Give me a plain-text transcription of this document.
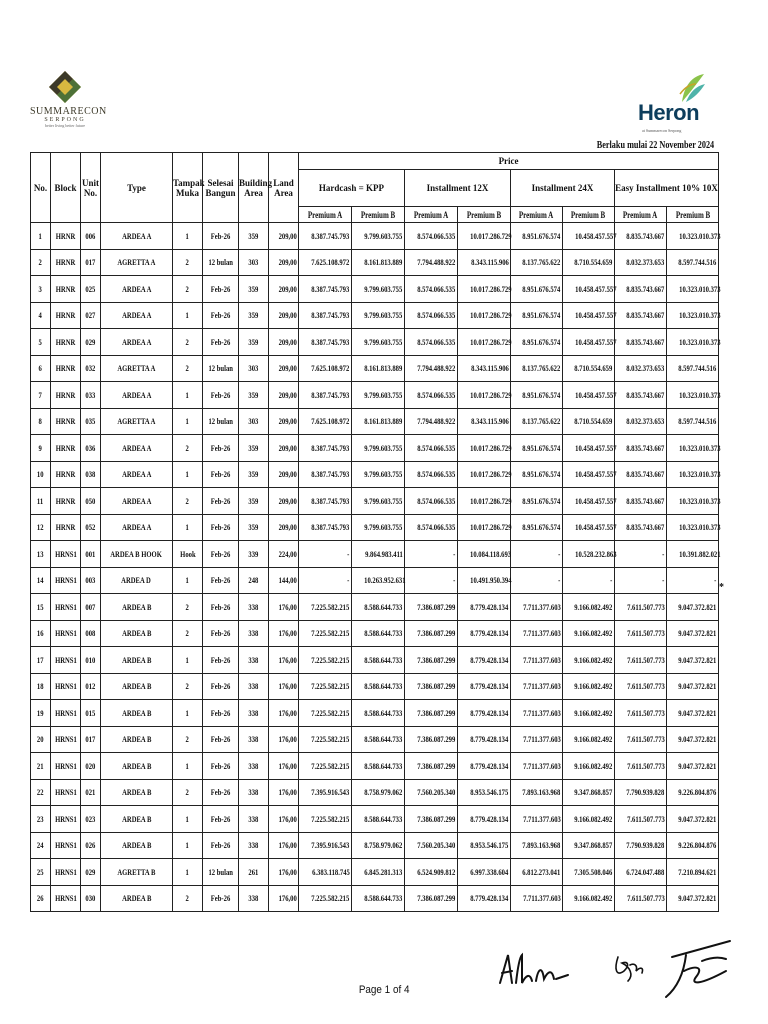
SUMMARECON
SERPONG
better living better future
Heron
at Summarecon Serpong
Berlaku mulai 22 November 2024
No.	Block	Unit No.	Type	Tampak Muka	Selesai Bangun	Building Area	Land Area	Price							
								Hardcash = KPP		Installment 12X		Installment 24X		Easy Installment 10% 10X	
								Premium A	Premium B	Premium A	Premium B	Premium A	Premium B	Premium A	Premium B
1	HRNR	006	ARDEA A	1	Feb-26	359	209,00	8.387.745.793	9.799.603.755	8.574.066.535	10.017.286.729	8.951.676.574	10.458.457.557	8.835.743.667	10.323.010.373
2	HRNR	017	AGRETTA A	2	12 bulan	303	209,00	7.625.108.972	8.161.813.889	7.794.488.922	8.343.115.906	8.137.765.622	8.710.554.659	8.032.373.653	8.597.744.516
3	HRNR	025	ARDEA A	2	Feb-26	359	209,00	8.387.745.793	9.799.603.755	8.574.066.535	10.017.286.729	8.951.676.574	10.458.457.557	8.835.743.667	10.323.010.373
4	HRNR	027	ARDEA A	1	Feb-26	359	209,00	8.387.745.793	9.799.603.755	8.574.066.535	10.017.286.729	8.951.676.574	10.458.457.557	8.835.743.667	10.323.010.373
5	HRNR	029	ARDEA A	2	Feb-26	359	209,00	8.387.745.793	9.799.603.755	8.574.066.535	10.017.286.729	8.951.676.574	10.458.457.557	8.835.743.667	10.323.010.373
6	HRNR	032	AGRETTA A	2	12 bulan	303	209,00	7.625.108.972	8.161.813.889	7.794.488.922	8.343.115.906	8.137.765.622	8.710.554.659	8.032.373.653	8.597.744.516
7	HRNR	033	ARDEA A	1	Feb-26	359	209,00	8.387.745.793	9.799.603.755	8.574.066.535	10.017.286.729	8.951.676.574	10.458.457.557	8.835.743.667	10.323.010.373
8	HRNR	035	AGRETTA A	1	12 bulan	303	209,00	7.625.108.972	8.161.813.889	7.794.488.922	8.343.115.906	8.137.765.622	8.710.554.659	8.032.373.653	8.597.744.516
9	HRNR	036	ARDEA A	2	Feb-26	359	209,00	8.387.745.793	9.799.603.755	8.574.066.535	10.017.286.729	8.951.676.574	10.458.457.557	8.835.743.667	10.323.010.373
10	HRNR	038	ARDEA A	1	Feb-26	359	209,00	8.387.745.793	9.799.603.755	8.574.066.535	10.017.286.729	8.951.676.574	10.458.457.557	8.835.743.667	10.323.010.373
11	HRNR	050	ARDEA A	2	Feb-26	359	209,00	8.387.745.793	9.799.603.755	8.574.066.535	10.017.286.729	8.951.676.574	10.458.457.557	8.835.743.667	10.323.010.373
12	HRNR	052	ARDEA A	1	Feb-26	359	209,00	8.387.745.793	9.799.603.755	8.574.066.535	10.017.286.729	8.951.676.574	10.458.457.557	8.835.743.667	10.323.010.373
13	HRNS1	001	ARDEA B HOOK	Hook	Feb-26	339	224,00	-	9.864.983.411	-	10.084.118.693	-	10.528.232.863	-	10.391.882.021
14	HRNS1	003	ARDEA D	1	Feb-26	248	144,00	-	10.263.952.631	-	10.491.950.394	-	-	-	-
15	HRNS1	007	ARDEA B	2	Feb-26	338	176,00	7.225.582.215	8.588.644.733	7.386.087.299	8.779.428.134	7.711.377.603	9.166.082.492	7.611.507.773	9.047.372.821
16	HRNS1	008	ARDEA B	2	Feb-26	338	176,00	7.225.582.215	8.588.644.733	7.386.087.299	8.779.428.134	7.711.377.603	9.166.082.492	7.611.507.773	9.047.372.821
17	HRNS1	010	ARDEA B	1	Feb-26	338	176,00	7.225.582.215	8.588.644.733	7.386.087.299	8.779.428.134	7.711.377.603	9.166.082.492	7.611.507.773	9.047.372.821
18	HRNS1	012	ARDEA B	2	Feb-26	338	176,00	7.225.582.215	8.588.644.733	7.386.087.299	8.779.428.134	7.711.377.603	9.166.082.492	7.611.507.773	9.047.372.821
19	HRNS1	015	ARDEA B	1	Feb-26	338	176,00	7.225.582.215	8.588.644.733	7.386.087.299	8.779.428.134	7.711.377.603	9.166.082.492	7.611.507.773	9.047.372.821
20	HRNS1	017	ARDEA B	2	Feb-26	338	176,00	7.225.582.215	8.588.644.733	7.386.087.299	8.779.428.134	7.711.377.603	9.166.082.492	7.611.507.773	9.047.372.821
21	HRNS1	020	ARDEA B	1	Feb-26	338	176,00	7.225.582.215	8.588.644.733	7.386.087.299	8.779.428.134	7.711.377.603	9.166.082.492	7.611.507.773	9.047.372.821
22	HRNS1	021	ARDEA B	2	Feb-26	338	176,00	7.395.916.543	8.758.979.062	7.560.205.340	8.953.546.175	7.893.163.968	9.347.868.857	7.790.939.828	9.226.804.876
23	HRNS1	023	ARDEA B	1	Feb-26	338	176,00	7.225.582.215	8.588.644.733	7.386.087.299	8.779.428.134	7.711.377.603	9.166.082.492	7.611.507.773	9.047.372.821
24	HRNS1	026	ARDEA B	1	Feb-26	338	176,00	7.395.916.543	8.758.979.062	7.560.205.340	8.953.546.175	7.893.163.968	9.347.868.857	7.790.939.828	9.226.804.876
25	HRNS1	029	AGRETTA B	1	12 bulan	261	176,00	6.383.118.745	6.845.281.313	6.524.909.812	6.997.338.604	6.812.273.041	7.305.508.046	6.724.047.488	7.210.894.621
26	HRNS1	030	ARDEA B	2	Feb-26	338	176,00	7.225.582.215	8.588.644.733	7.386.087.299	8.779.428.134	7.711.377.603	9.166.082.492	7.611.507.773	9.047.372.821
*
Page 1 of 4
